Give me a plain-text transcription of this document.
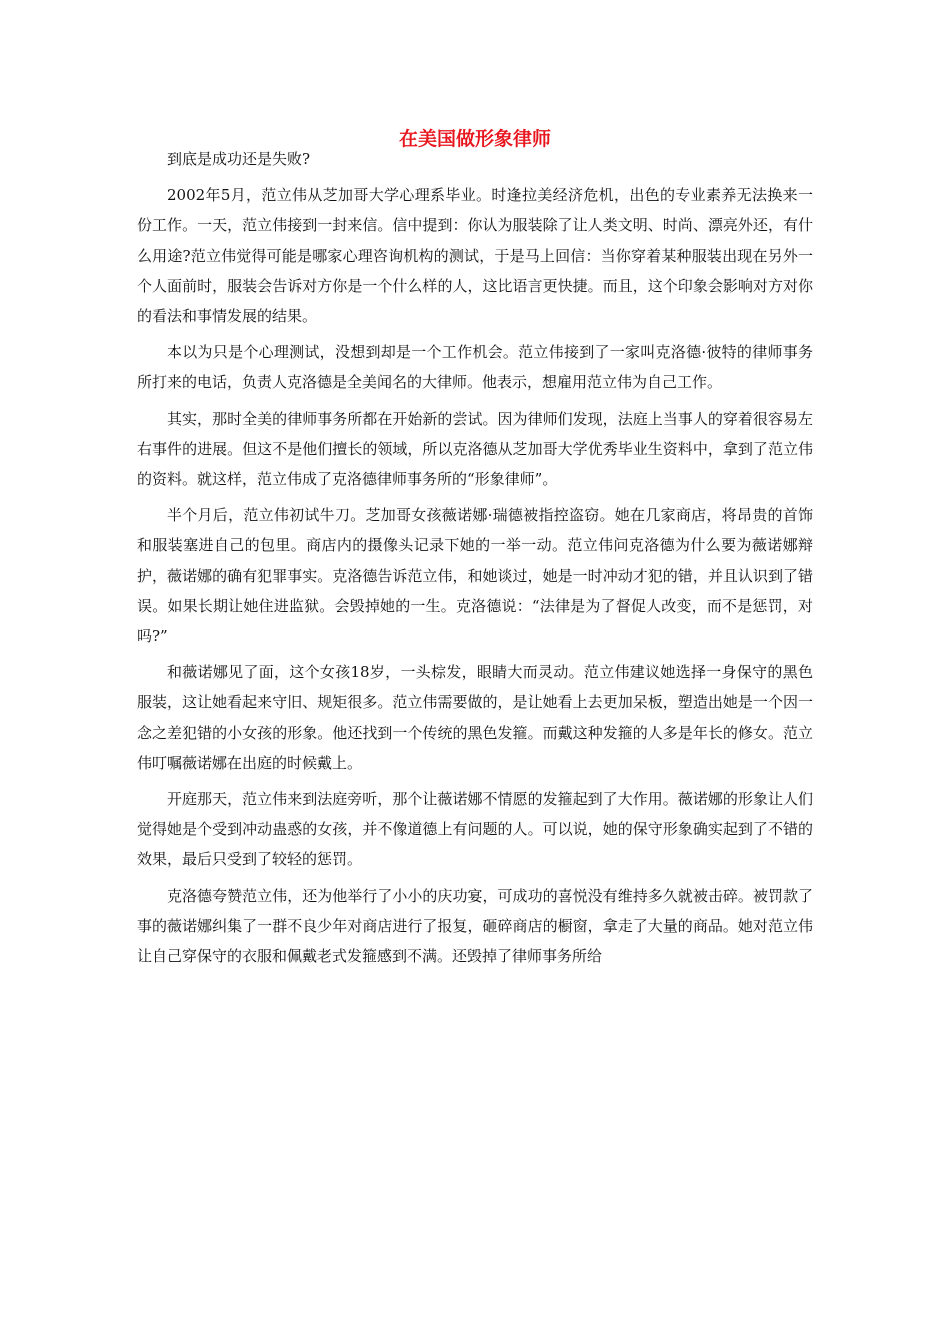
在美国做形象律师

到底是成功还是失败?

2002年5月，范立伟从芝加哥大学心理系毕业。时逢拉美经济危机，出色的专业素养无法换来一份工作。一天，范立伟接到一封来信。信中提到：你认为服装除了让人类文明、时尚、漂亮外还，有什么用途?范立伟觉得可能是哪家心理咨询机构的测试，于是马上回信：当你穿着某种服装出现在另外一个人面前时，服装会告诉对方你是一个什么样的人，这比语言更快捷。而且，这个印象会影响对方对你的看法和事情发展的结果。

本以为只是个心理测试，没想到却是一个工作机会。范立伟接到了一家叫克洛德·彼特的律师事务所打来的电话，负责人克洛德是全美闻名的大律师。他表示，想雇用范立伟为自己工作。

其实，那时全美的律师事务所都在开始新的尝试。因为律师们发现，法庭上当事人的穿着很容易左右事件的进展。但这不是他们擅长的领域，所以克洛德从芝加哥大学优秀毕业生资料中，拿到了范立伟的资料。就这样，范立伟成了克洛德律师事务所的“形象律师”。

半个月后，范立伟初试牛刀。芝加哥女孩薇诺娜·瑞德被指控盗窃。她在几家商店，将昂贵的首饰和服装塞进自己的包里。商店内的摄像头记录下她的一举一动。范立伟问克洛德为什么要为薇诺娜辩护，薇诺娜的确有犯罪事实。克洛德告诉范立伟，和她谈过，她是一时冲动才犯的错，并且认识到了错误。如果长期让她住进监狱。会毁掉她的一生。克洛德说：“法律是为了督促人改变，而不是惩罚，对吗?”

和薇诺娜见了面，这个女孩18岁，一头棕发，眼睛大而灵动。范立伟建议她选择一身保守的黑色服装，这让她看起来守旧、规矩很多。范立伟需要做的，是让她看上去更加呆板，塑造出她是一个因一念之差犯错的小女孩的形象。他还找到一个传统的黑色发箍。而戴这种发箍的人多是年长的修女。范立伟叮嘱薇诺娜在出庭的时候戴上。

开庭那天，范立伟来到法庭旁听，那个让薇诺娜不情愿的发箍起到了大作用。薇诺娜的形象让人们觉得她是个受到冲动蛊惑的女孩，并不像道德上有问题的人。可以说，她的保守形象确实起到了不错的效果，最后只受到了较轻的惩罚。

克洛德夸赞范立伟，还为他举行了小小的庆功宴，可成功的喜悦没有维持多久就被击碎。被罚款了事的薇诺娜纠集了一群不良少年对商店进行了报复，砸碎商店的橱窗，拿走了大量的商品。她对范立伟让自己穿保守的衣服和佩戴老式发箍感到不满。还毁掉了律师事务所给
